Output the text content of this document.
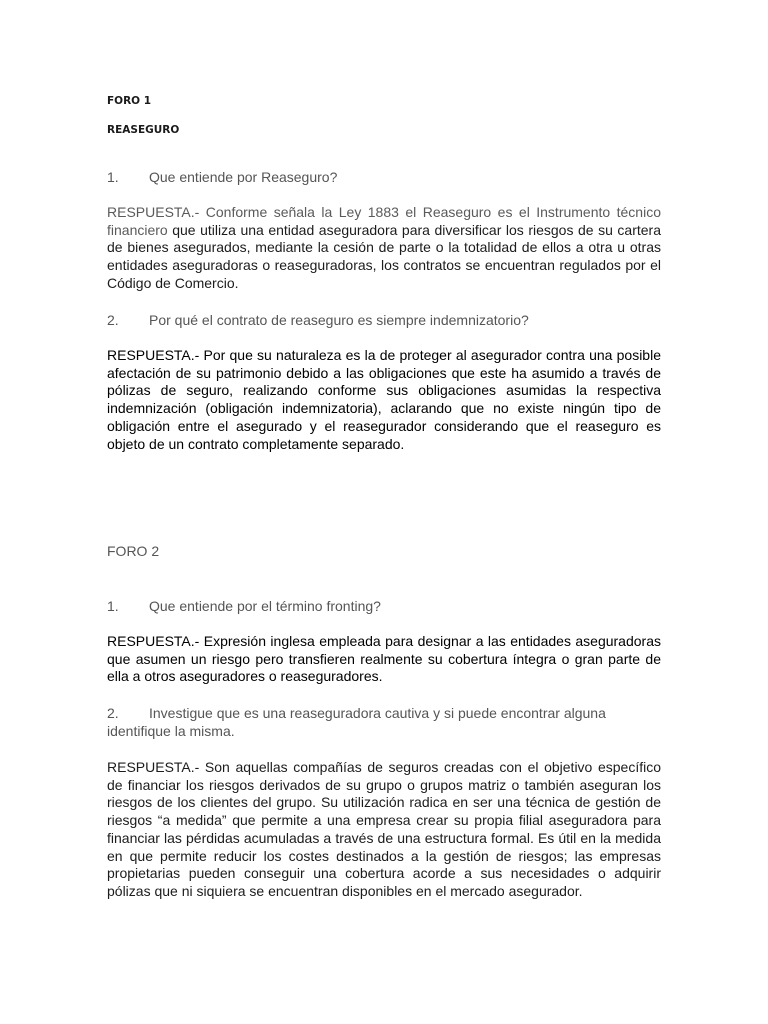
FORO 1
REASEGURO
1. Que entiende por Reaseguro?

RESPUESTA.- Conforme señala la Ley 1883 el Reaseguro es el Instrumento técnico financiero que utiliza una entidad aseguradora para diversificar los riesgos de su cartera de bienes asegurados, mediante la cesión de parte o la totalidad de ellos a otra u otras entidades aseguradoras o reaseguradoras, los contratos se encuentran regulados por el Código de Comercio.

2. Por qué el contrato de reaseguro es siempre indemnizatorio?

RESPUESTA.- Por que su naturaleza es la de proteger al asegurador contra una posible afectación de su patrimonio debido a las obligaciones que este ha asumido a través de pólizas de seguro, realizando conforme sus obligaciones asumidas la respectiva indemnización (obligación indemnizatoria), aclarando que no existe ningún tipo de obligación entre el asegurado y el reasegurador considerando que el reaseguro es objeto de un contrato completamente separado.

FORO 2
1. Que entiende por el término fronting?

RESPUESTA.- Expresión inglesa empleada para designar a las entidades aseguradoras que asumen un riesgo pero transfieren realmente su cobertura íntegra o gran parte de ella a otros aseguradores o reaseguradores.

2. Investigue que es una reaseguradora cautiva y si puede encontrar alguna identifique la misma.

RESPUESTA.- Son aquellas compañías de seguros creadas con el objetivo específico de financiar los riesgos derivados de su grupo o grupos matriz o también aseguran los riesgos de los clientes del grupo. Su utilización radica en ser una técnica de gestión de riesgos “a medida” que permite a una empresa crear su propia filial aseguradora para financiar las pérdidas acumuladas a través de una estructura formal. Es útil en la medida en que permite reducir los costes destinados a la gestión de riesgos; las empresas propietarias pueden conseguir una cobertura acorde a sus necesidades o adquirir pólizas que ni siquiera se encuentran disponibles en el mercado asegurador.
